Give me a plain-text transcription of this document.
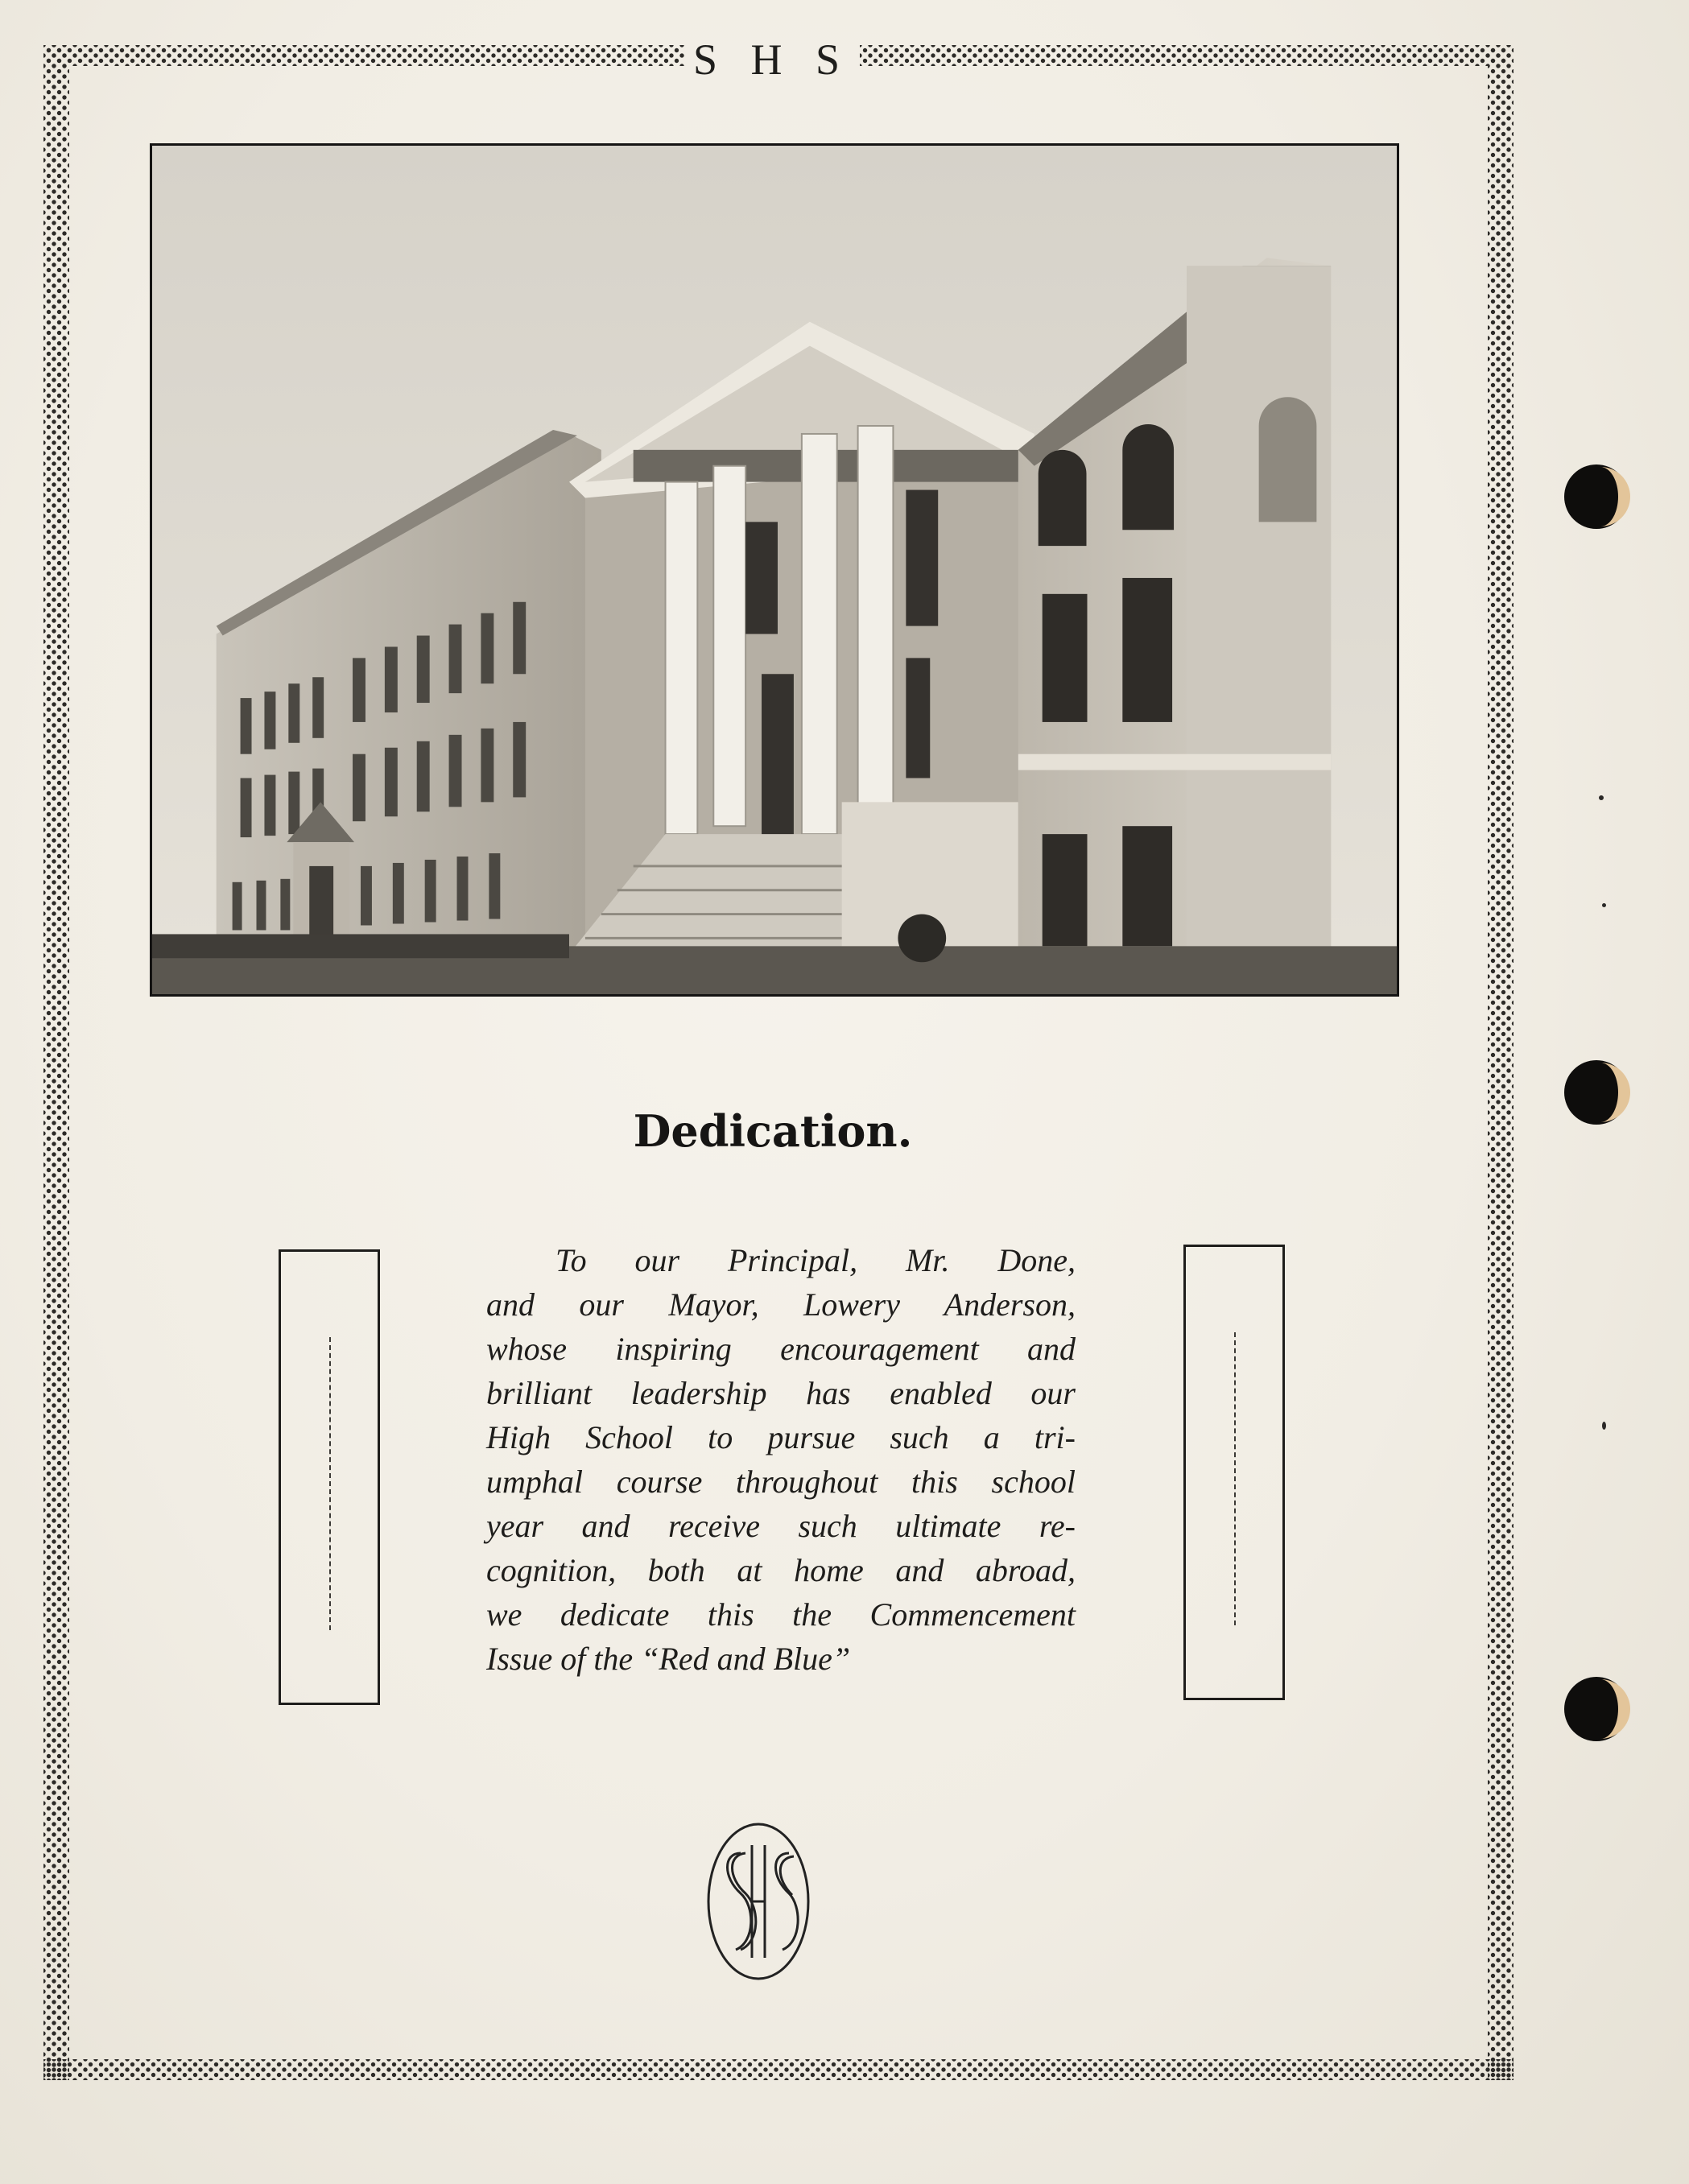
S H S
Dedication.
To our Principal, Mr. Done,
and our Mayor, Lowery Anderson,
whose inspiring encouragement and
brilliant leadership has enabled our
High School to pursue such a tri-
umphal course throughout this school
year and receive such ultimate re-
cognition, both at home and abroad,
we dedicate this the Commencement
Issue of the “Red and Blue”
